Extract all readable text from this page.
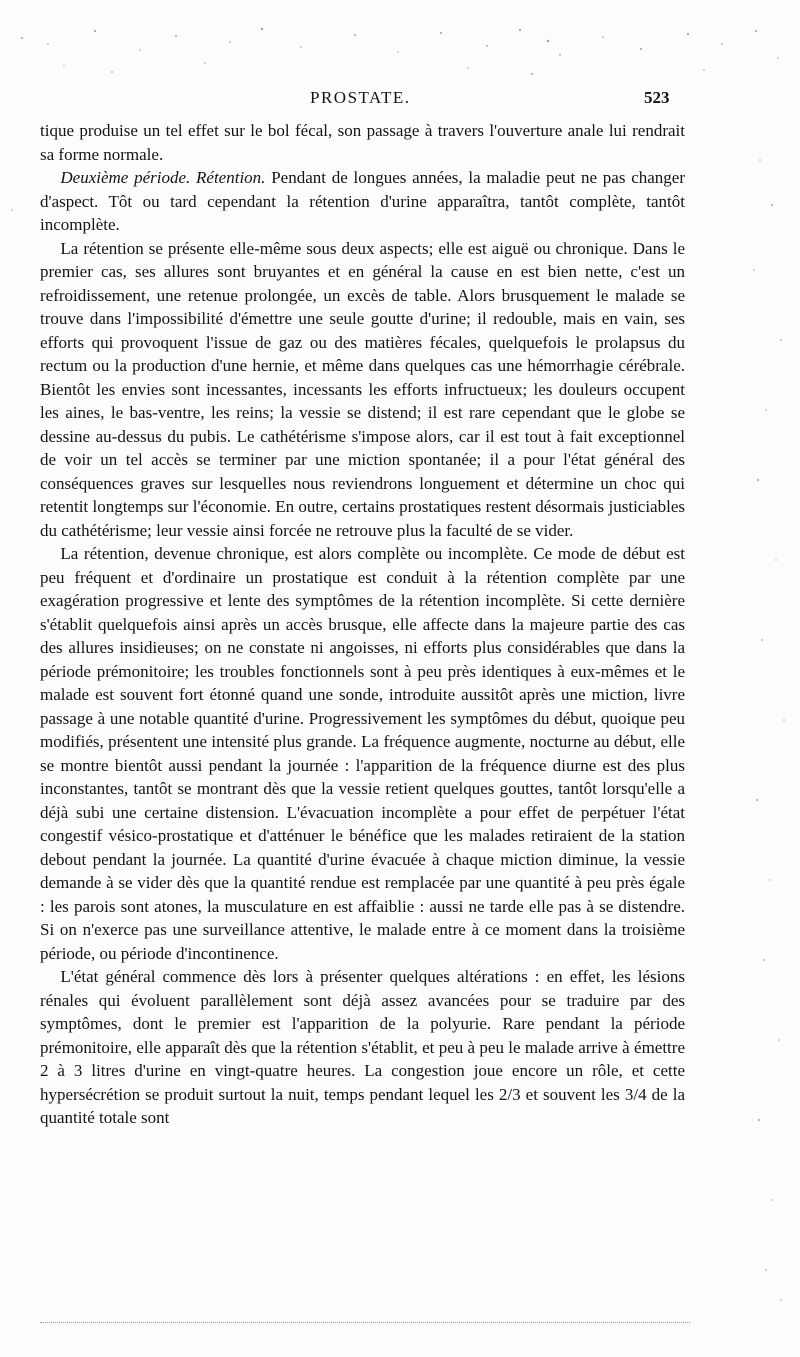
PROSTATE.	523

tique produise un tel effet sur le bol fécal, son passage à travers l'ouverture anale lui rendrait sa forme normale.

Deuxième période. Rétention. Pendant de longues années, la maladie peut ne pas changer d'aspect. Tôt ou tard cependant la rétention d'urine apparaîtra, tantôt complète, tantôt incomplète.

La rétention se présente elle-même sous deux aspects; elle est aiguë ou chronique. Dans le premier cas, ses allures sont bruyantes et en général la cause en est bien nette, c'est un refroidissement, une retenue prolongée, un excès de table. Alors brusquement le malade se trouve dans l'impossibilité d'émettre une seule goutte d'urine; il redouble, mais en vain, ses efforts qui provoquent l'issue de gaz ou des matières fécales, quelquefois le prolapsus du rectum ou la production d'une hernie, et même dans quelques cas une hémorrhagie cérébrale. Bientôt les envies sont incessantes, incessants les efforts infructueux; les douleurs occupent les aines, le bas-ventre, les reins; la vessie se distend; il est rare cependant que le globe se dessine au-dessus du pubis. Le cathétérisme s'impose alors, car il est tout à fait exceptionnel de voir un tel accès se terminer par une miction spontanée; il a pour l'état général des conséquences graves sur lesquelles nous reviendrons longuement et détermine un choc qui retentit longtemps sur l'économie. En outre, certains prostatiques restent désormais justiciables du cathétérisme; leur vessie ainsi forcée ne retrouve plus la faculté de se vider.

La rétention, devenue chronique, est alors complète ou incomplète. Ce mode de début est peu fréquent et d'ordinaire un prostatique est conduit à la rétention complète par une exagération progressive et lente des symptômes de la rétention incomplète. Si cette dernière s'établit quelquefois ainsi après un accès brusque, elle affecte dans la majeure partie des cas des allures insidieuses; on ne constate ni angoisses, ni efforts plus considérables que dans la période prémonitoire; les troubles fonctionnels sont à peu près identiques à eux-mêmes et le malade est souvent fort étonné quand une sonde, introduite aussitôt après une miction, livre passage à une notable quantité d'urine. Progressivement les symptômes du début, quoique peu modifiés, présentent une intensité plus grande. La fréquence augmente, nocturne au début, elle se montre bientôt aussi pendant la journée : l'apparition de la fréquence diurne est des plus inconstantes, tantôt se montrant dès que la vessie retient quelques gouttes, tantôt lorsqu'elle a déjà subi une certaine distension. L'évacuation incomplète a pour effet de perpétuer l'état congestif vésico-prostatique et d'atténuer le bénéfice que les malades retiraient de la station debout pendant la journée. La quantité d'urine évacuée à chaque miction diminue, la vessie demande à se vider dès que la quantité rendue est remplacée par une quantité à peu près égale : les parois sont atones, la musculature en est affaiblie : aussi ne tarde elle pas à se distendre. Si on n'exerce pas une surveillance attentive, le malade entre à ce moment dans la troisième période, ou période d'incontinence.

L'état général commence dès lors à présenter quelques altérations : en effet, les lésions rénales qui évoluent parallèlement sont déjà assez avancées pour se traduire par des symptômes, dont le premier est l'apparition de la polyurie. Rare pendant la période prémonitoire, elle apparaît dès que la rétention s'établit, et peu à peu le malade arrive à émettre 2 à 3 litres d'urine en vingt-quatre heures. La congestion joue encore un rôle, et cette hypersécrétion se produit surtout la nuit, temps pendant lequel les 2/3 et souvent les 3/4 de la quantité totale sont
